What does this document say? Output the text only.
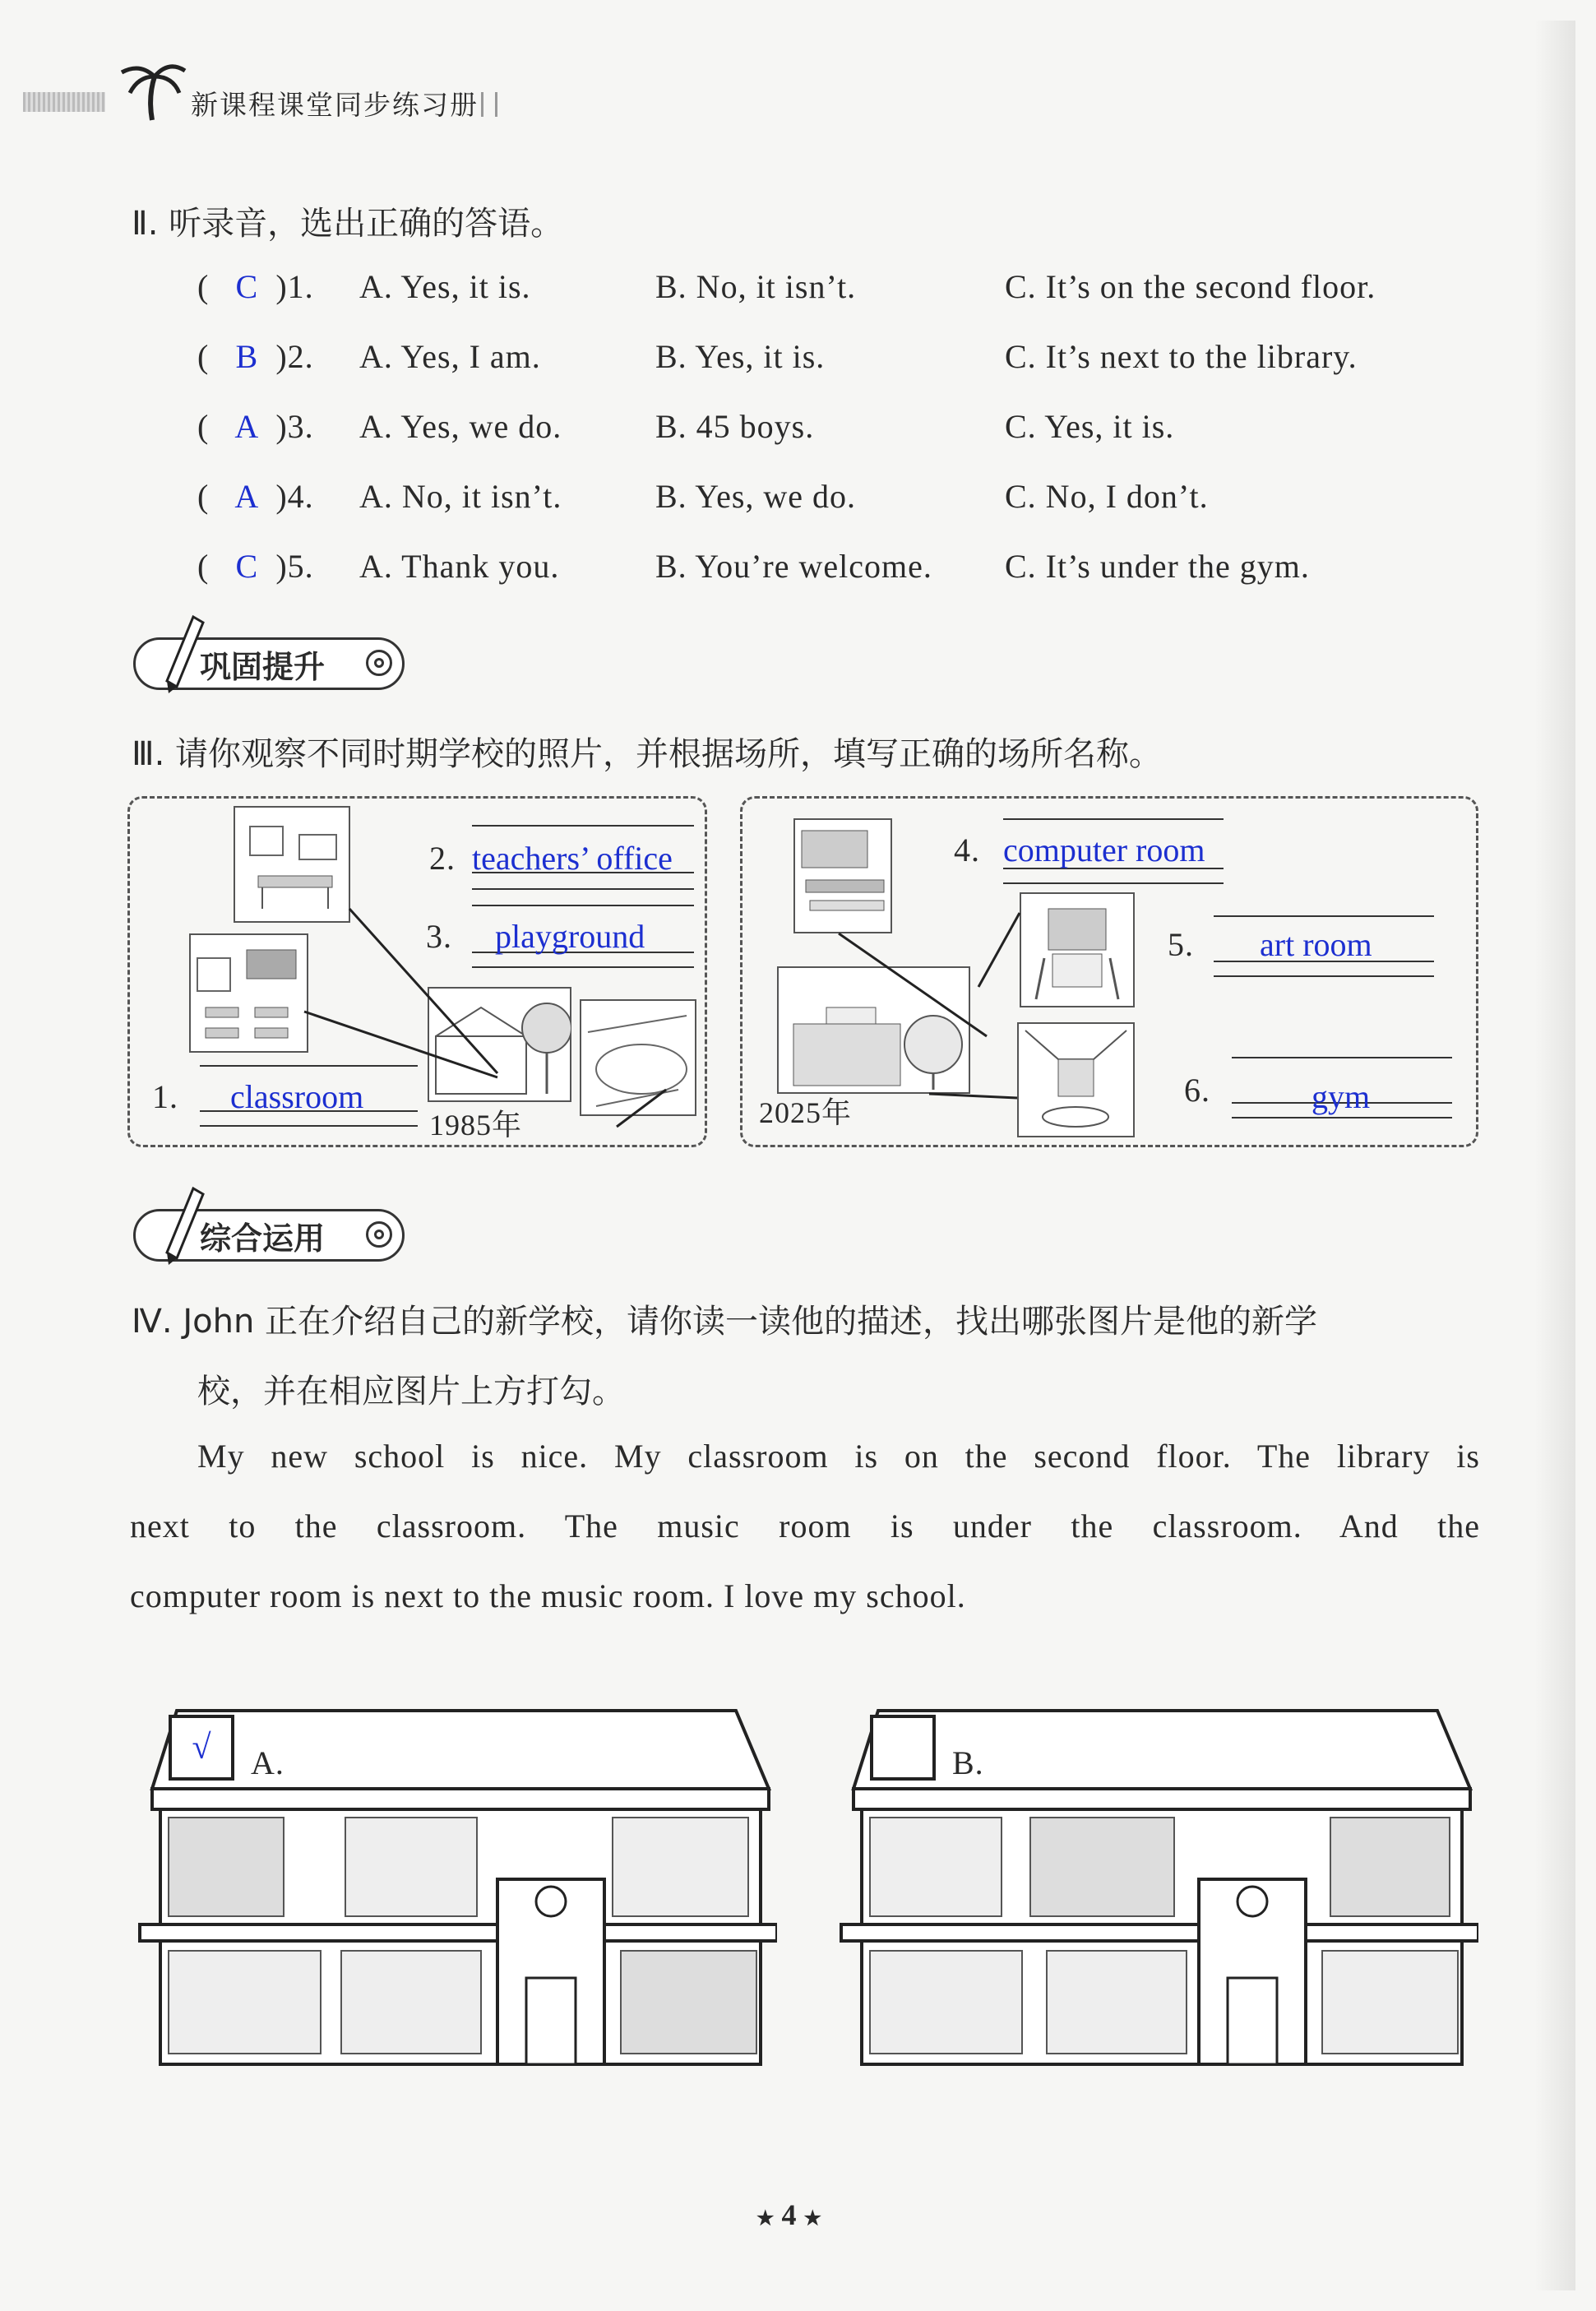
新课程课堂同步练习册
Ⅱ. 听录音，选出正确的答语。
( C )1. A. Yes, it is.	B. No, it isn’t.	C. It’s on the second floor.
( B )2. A. Yes, I am.	B. Yes, it is.	C. It’s next to the library.
( A )3. A. Yes, we do.	B. 45 boys.	C. Yes, it is.
( A )4. A. No, it isn’t.	B. Yes, we do.	C. No, I don’t.
( C )5. A. Thank you.	B. You’re welcome. C. It’s under the gym.
巩固提升
Ⅲ. 请你观察不同时期学校的照片，并根据场所，填写正确的场所名称。
2. teachers’ office
3. playground
1. classroom
1985年
4. computer room
5. art room
6.	gym
2025年
综合运用
Ⅳ. John 正在介绍自己的新学校，请你读一读他的描述，找出哪张图片是他的新学
校，并在相应图片上方打勾。
My new school is nice. My classroom is on the second floor. The library is
next to the classroom. The music room is under the classroom. And the
computer room is next to the music room. I love my school.
√	A.	B.
★ 4 ★
